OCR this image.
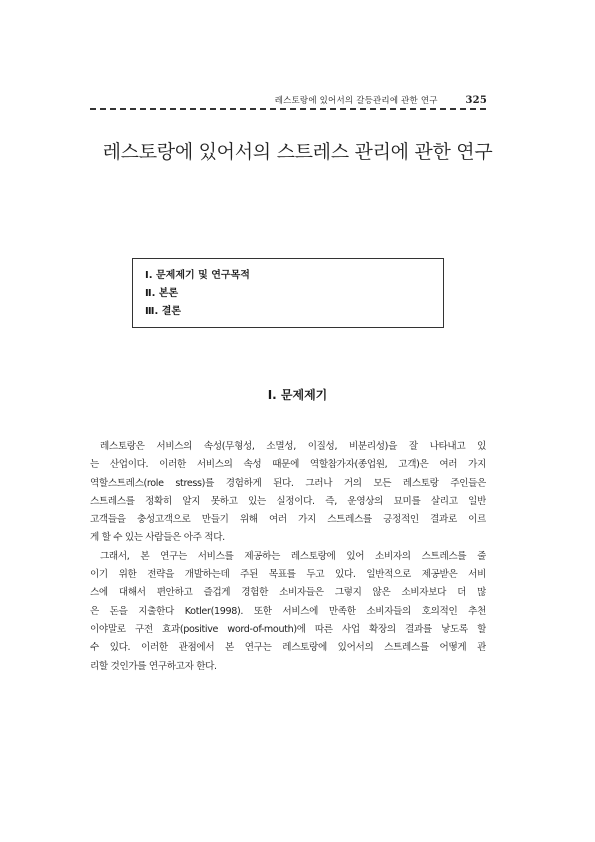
레스토랑에 있어서의 갈등관리에 관한 연구	325
레스토랑에 있어서의 스트레스 관리에 관한 연구
Ⅰ. 문제제기 및 연구목적
Ⅱ. 본론
Ⅲ. 결론
Ⅰ. 문제제기
레스토랑은 서비스의 속성(무형성, 소멸성, 이질성, 비분리성)을 잘 나타내고 있
는 산업이다. 이러한 서비스의 속성 때문에 역할참가자(종업원, 고객)은 여러 가지
역할스트레스(role stress)를 경험하게 된다. 그러나 거의 모든 레스토랑 주인들은
스트레스를 정확히 알지 못하고 있는 실정이다. 즉, 운영상의 묘미를 살리고 일반
고객들을 충성고객으로 만들기 위해 여러 가지 스트레스를 긍정적인 결과로 이르
게 할 수 있는 사람들은 아주 적다.
그래서, 본 연구는 서비스를 제공하는 레스토랑에 있어 소비자의 스트레스를 줄
이기 위한 전략을 개발하는데 주된 목표를 두고 있다. 일반적으로 제공받은 서비
스에 대해서 편안하고 즐겁게 경험한 소비자들은 그렇지 않은 소비자보다 더 많
은 돈을 지출한다 Kotler(1998). 또한 서비스에 만족한 소비자들의 호의적인 추천
이야말로 구전 효과(positive word-of-mouth)에 따른 사업 확장의 결과를 낳도록 할
수 있다. 이러한 관점에서 본 연구는 레스토랑에 있어서의 스트레스를 어떻게 관
리할 것인가를 연구하고자 한다.
